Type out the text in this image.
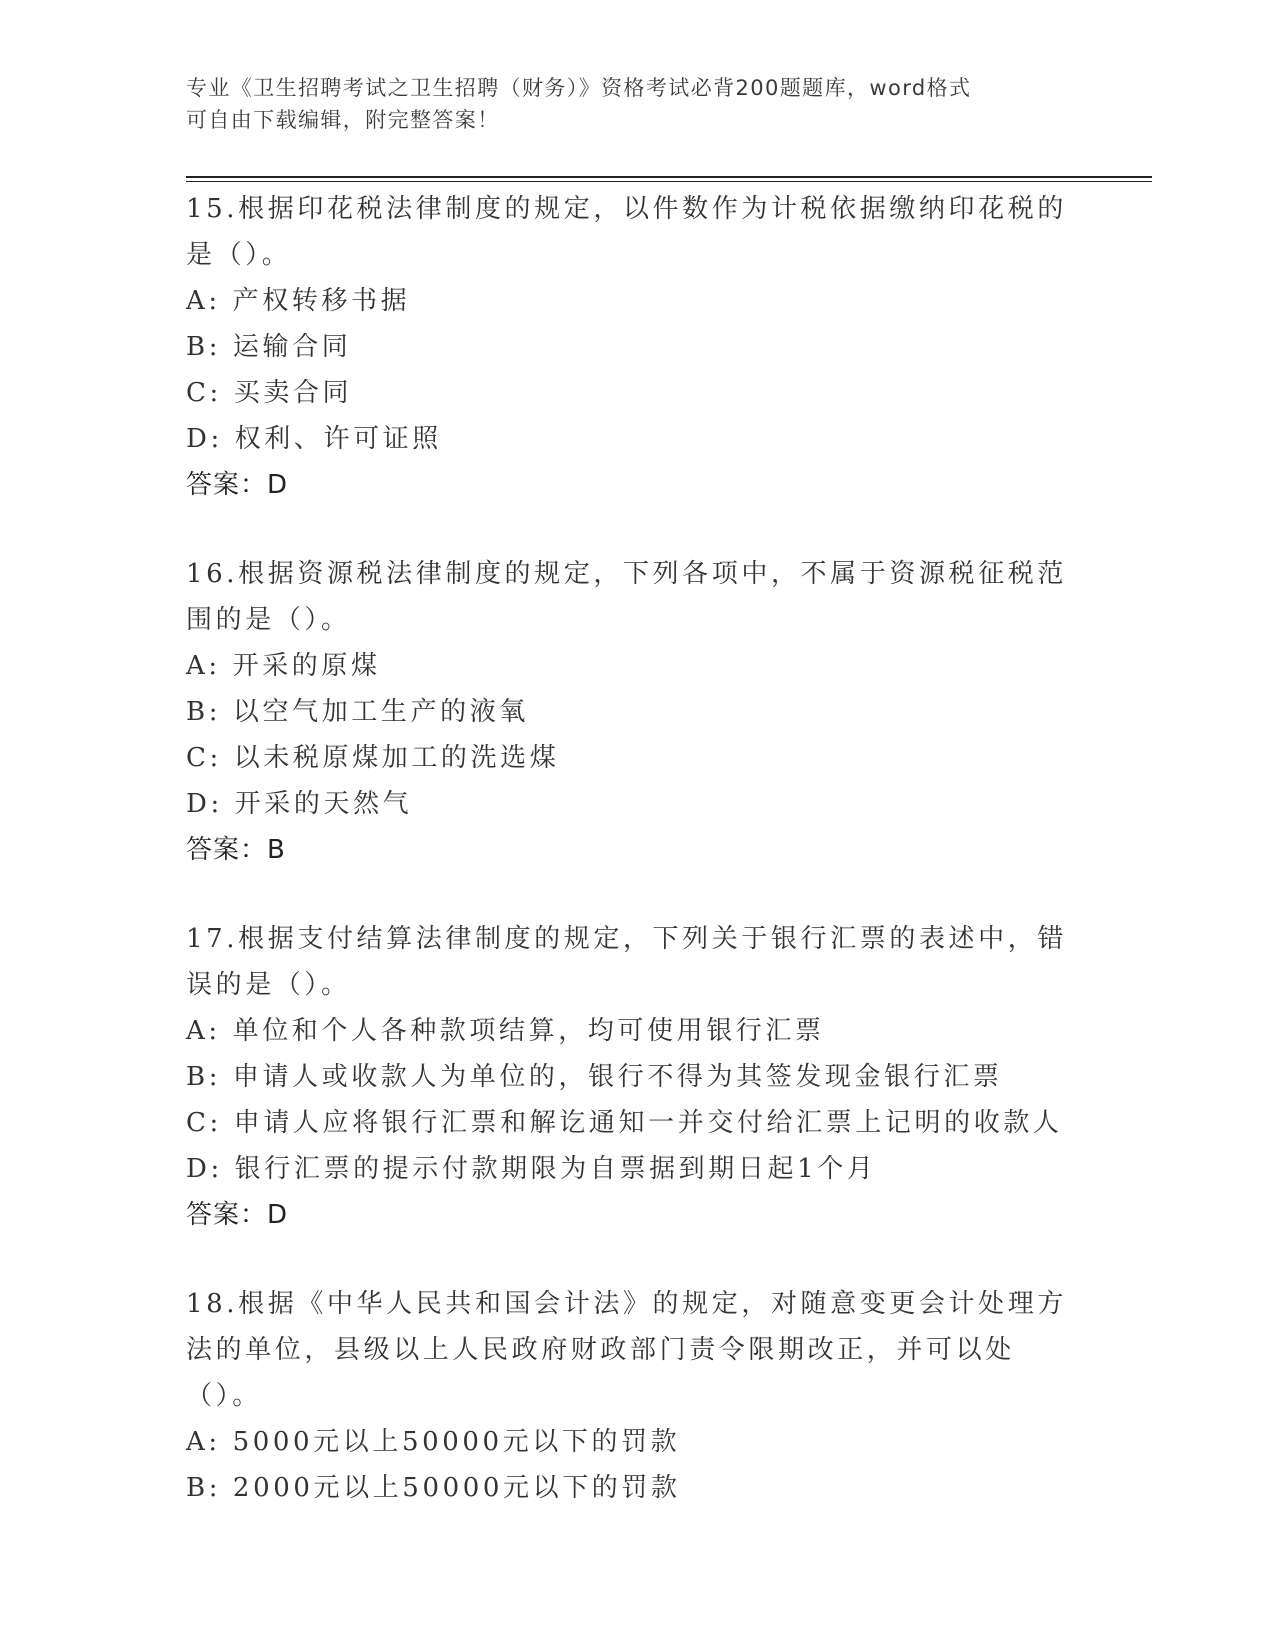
专业《卫生招聘考试之卫生招聘（财务）》资格考试必背200题题库，word格式
可自由下载编辑，附完整答案！
15.根据印花税法律制度的规定，以件数作为计税依据缴纳印花税的是（）。
A: 产权转移书据
B: 运输合同
C: 买卖合同
D: 权利、许可证照
答案：D
16.根据资源税法律制度的规定，下列各项中，不属于资源税征税范围的是（）。
A: 开采的原煤
B: 以空气加工生产的液氧
C: 以未税原煤加工的洗选煤
D: 开采的天然气
答案：B
17.根据支付结算法律制度的规定，下列关于银行汇票的表述中，错误的是（）。
A: 单位和个人各种款项结算，均可使用银行汇票
B: 申请人或收款人为单位的，银行不得为其签发现金银行汇票
C: 申请人应将银行汇票和解讫通知一并交付给汇票上记明的收款人
D: 银行汇票的提示付款期限为自票据到期日起1个月
答案：D
18.根据《中华人民共和国会计法》的规定，对随意变更会计处理方法的单位，县级以上人民政府财政部门责令限期改正，并可以处（）。
A: 5000元以上50000元以下的罚款
B: 2000元以上50000元以下的罚款
